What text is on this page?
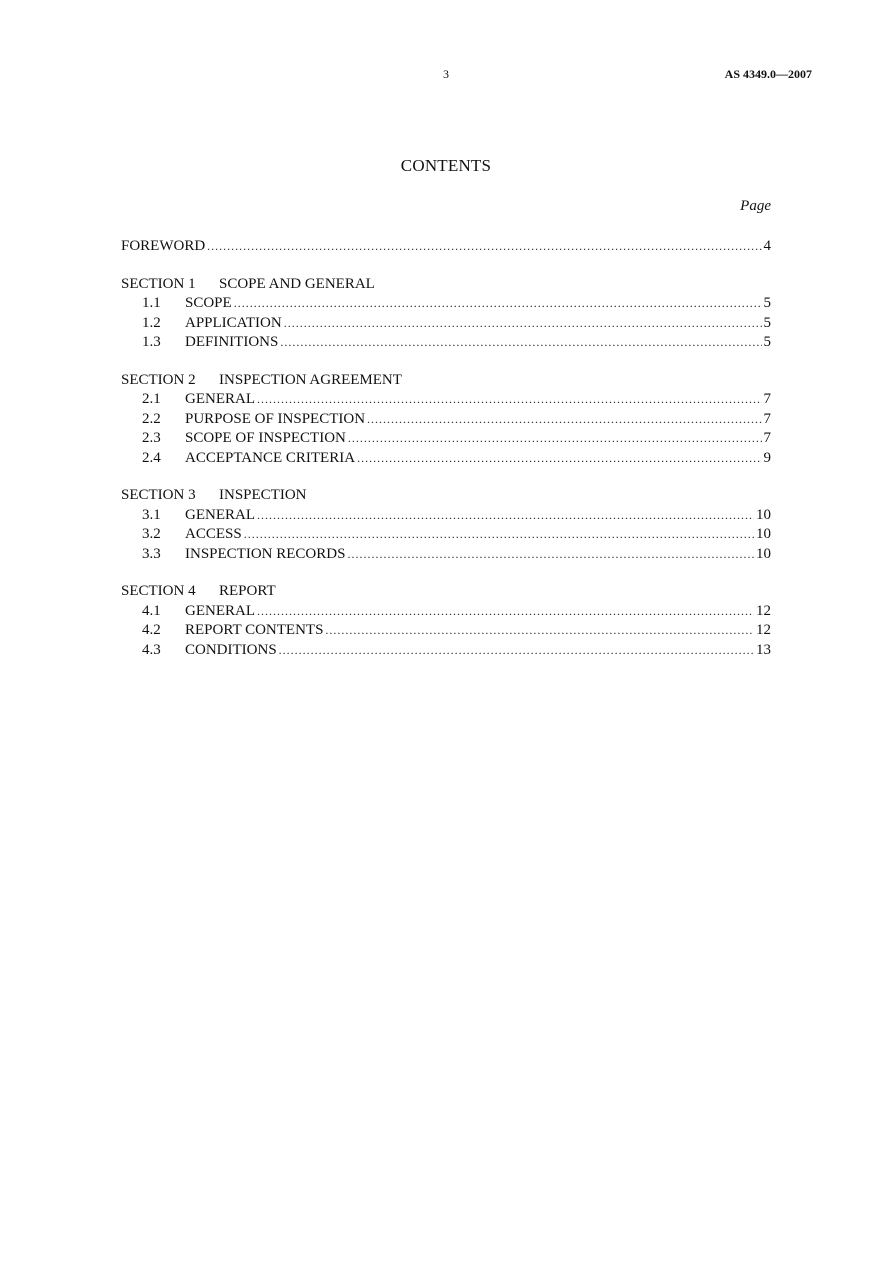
3	AS 4349.0—2007
CONTENTS
Page
FOREWORD .....	4
SECTION 1 SCOPE AND GENERAL
1.1	SCOPE .....	5
1.2	APPLICATION .....	5
1.3	DEFINITIONS .....	5
SECTION 2 INSPECTION AGREEMENT
2.1	GENERAL .....	7
2.2	PURPOSE OF INSPECTION .....	7
2.3	SCOPE OF INSPECTION .....	7
2.4	ACCEPTANCE CRITERIA .....	9
SECTION 3 INSPECTION
3.1	GENERAL .....	10
3.2	ACCESS .....	10
3.3	INSPECTION RECORDS .....	10
SECTION 4 REPORT
4.1	GENERAL .....	12
4.2	REPORT CONTENTS .....	12
4.3	CONDITIONS .....	13
